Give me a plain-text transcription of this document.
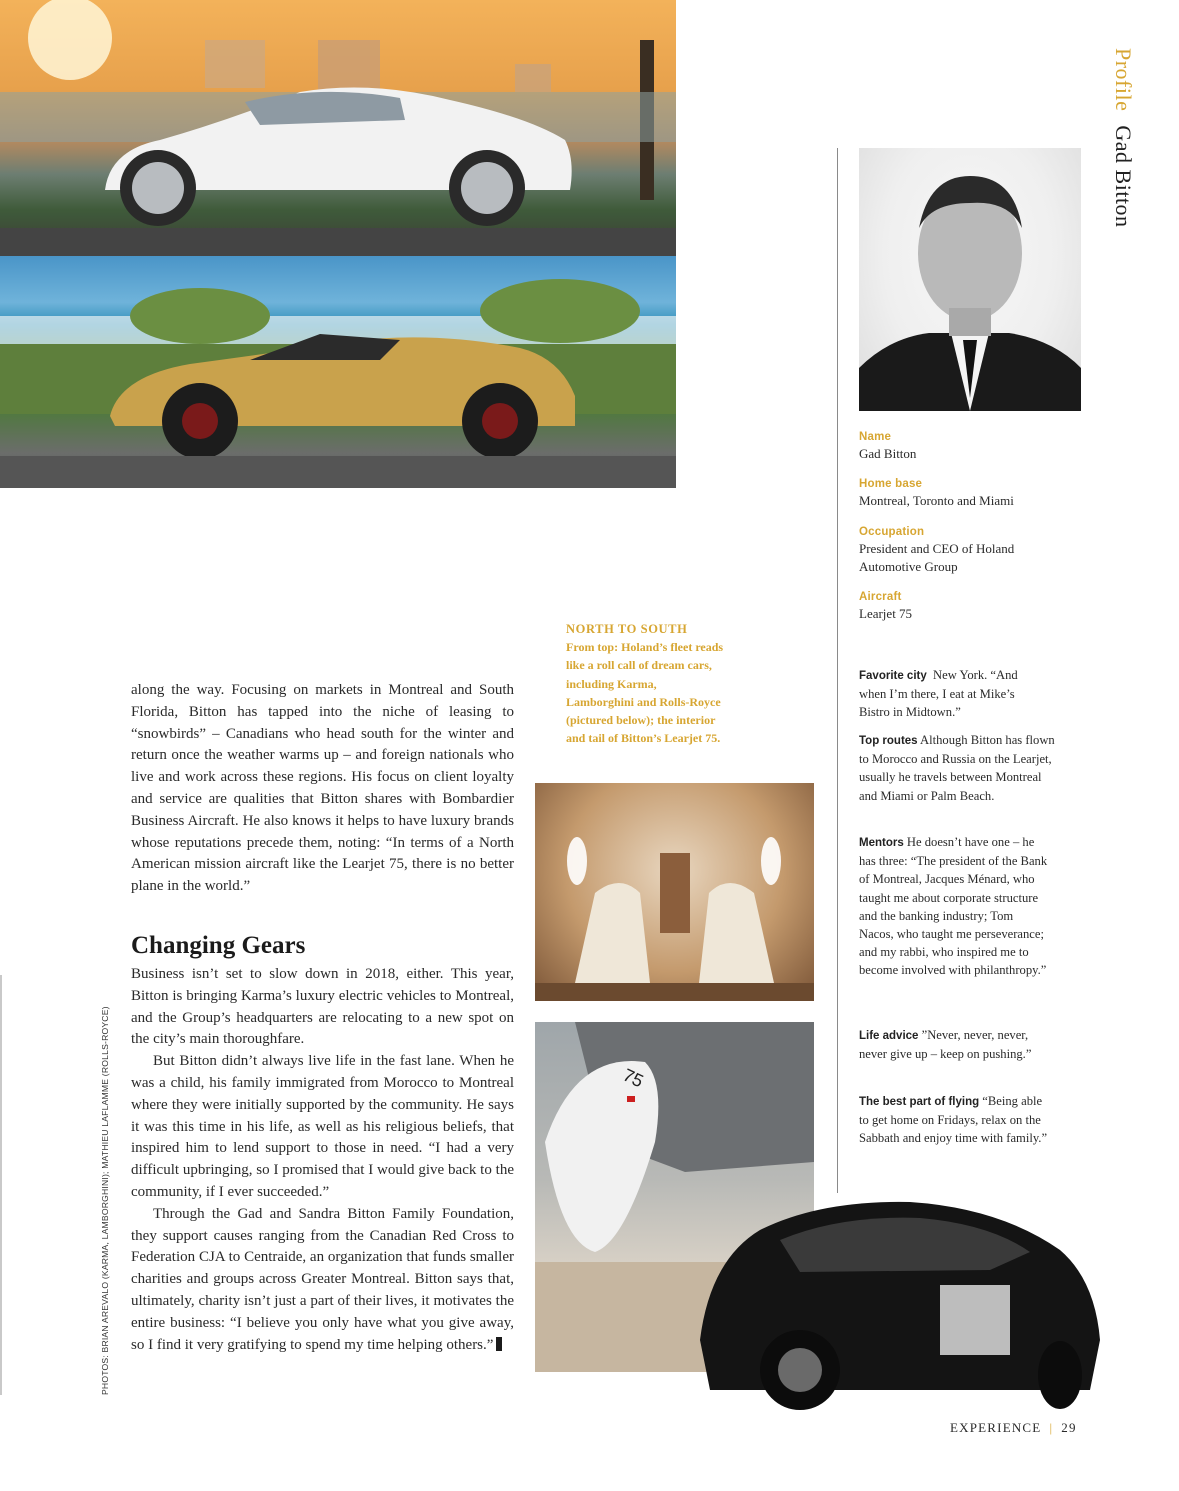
75
Profile Gad Bitton
Name
Gad Bitton
Home base
Montreal, Toronto and Miami
Occupation
President and CEO of Holand Automotive Group
Aircraft
Learjet 75
Favorite city New York. “And when I’m there, I eat at Mike’s Bistro in Midtown.”
Top routes Although Bitton has flown to Morocco and Russia on the Learjet, usually he travels between Montreal and Miami or Palm Beach.
Mentors He doesn’t have one – he has three: “The president of the Bank of Montreal, Jacques Ménard, who taught me about corporate structure and the banking industry; Tom Nacos, who taught me perseverance; and my rabbi, who inspired me to become involved with philanthropy.”
Life advice ”Never, never, never, never give up – keep on pushing.”
The best part of flying “Being able to get home on Fridays, relax on the Sabbath and enjoy time with family.”
NORTH TO SOUTH
From top: Holand’s fleet reads like a roll call of dream cars, including Karma, Lamborghini and Rolls-Royce (pictured below); the interior and tail of Bitton’s Learjet 75.

along the way. Focusing on markets in Montreal and South Florida, Bitton has tapped into the niche of leasing to “snowbirds” – Canadians who head south for the winter and return once the weather warms up – and foreign nationals who live and work across these regions. His focus on client loyalty and service are qualities that Bitton shares with Bombardier Business Aircraft. He also knows it helps to have luxury brands whose reputations precede them, noting: “In terms of a North American mission aircraft like the Learjet 75, there is no better plane in the world.”

Changing Gears

Business isn’t set to slow down in 2018, either. This year, Bitton is bringing Karma’s luxury electric vehicles to Montreal, and the Group’s headquarters are relocating to a new spot on the city’s main thoroughfare.

But Bitton didn’t always live life in the fast lane. When he was a child, his family immigrated from Morocco to Montreal where they were initially supported by the community. He says it was this time in his life, as well as his religious beliefs, that inspired him to lend support to those in need. “I had a very difficult upbringing, so I promised that I would give back to the community, if I ever succeeded.”

Through the Gad and Sandra Bitton Family Foundation, they support causes ranging from the Canadian Red Cross to Federation CJA to Centraide, an organization that funds smaller charities and groups across Greater Montreal. Bitton says that, ultimately, charity isn’t just a part of their lives, it motivates the entire business: “I believe you only have what you give away, so I find it very gratifying to spend my time helping others.”

PHOTOS: BRIAN AREVALO (KARMA, LAMBORGHINI); MATHIEU LAFLAMME (ROLLS-ROYCE)
EXPERIENCE | 29
